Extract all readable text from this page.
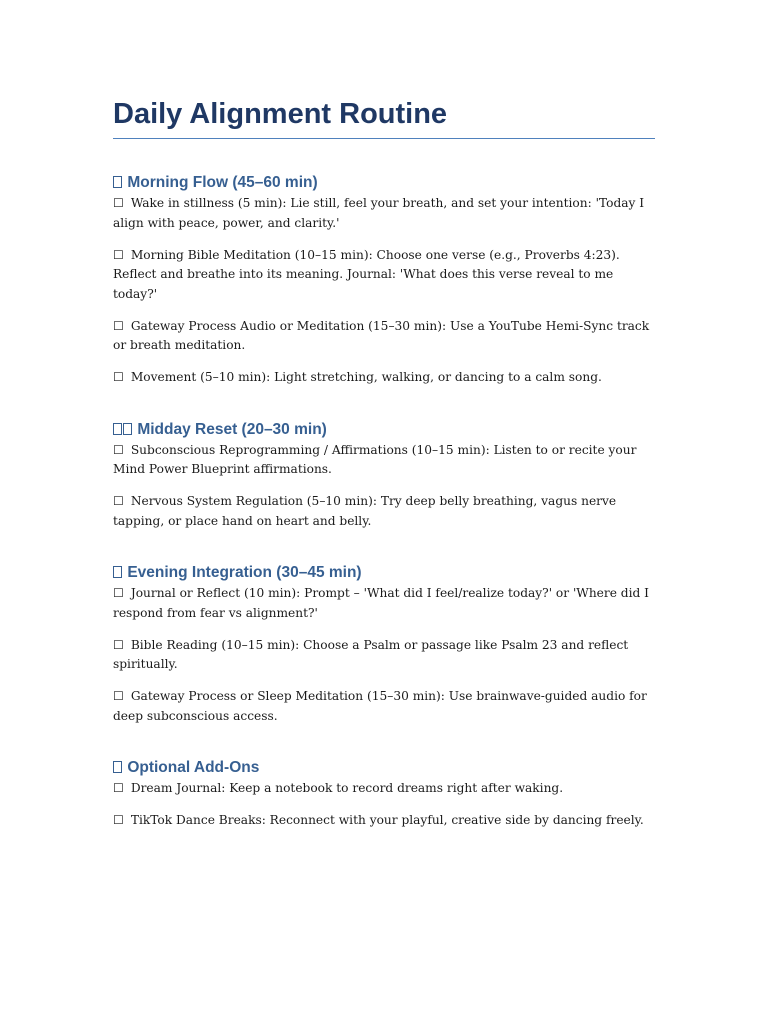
Daily Alignment Routine
Morning Flow (45–60 min)

☐ Wake in stillness (5 min): Lie still, feel your breath, and set your intention: 'Today I align with peace, power, and clarity.'

☐ Morning Bible Meditation (10–15 min): Choose one verse (e.g., Proverbs 4:23). Reflect and breathe into its meaning. Journal: 'What does this verse reveal to me today?'

☐ Gateway Process Audio or Meditation (15–30 min): Use a YouTube Hemi-Sync track or breath meditation.

☐ Movement (5–10 min): Light stretching, walking, or dancing to a calm song.

Midday Reset (20–30 min)

☐ Subconscious Reprogramming / Affirmations (10–15 min): Listen to or recite your Mind Power Blueprint affirmations.

☐ Nervous System Regulation (5–10 min): Try deep belly breathing, vagus nerve tapping, or place hand on heart and belly.

Evening Integration (30–45 min)

☐ Journal or Reflect (10 min): Prompt – 'What did I feel/realize today?' or 'Where did I respond from fear vs alignment?'

☐ Bible Reading (10–15 min): Choose a Psalm or passage like Psalm 23 and reflect spiritually.

☐ Gateway Process or Sleep Meditation (15–30 min): Use brainwave-guided audio for deep subconscious access.

Optional Add-Ons

☐ Dream Journal: Keep a notebook to record dreams right after waking.

☐ TikTok Dance Breaks: Reconnect with your playful, creative side by dancing freely.
